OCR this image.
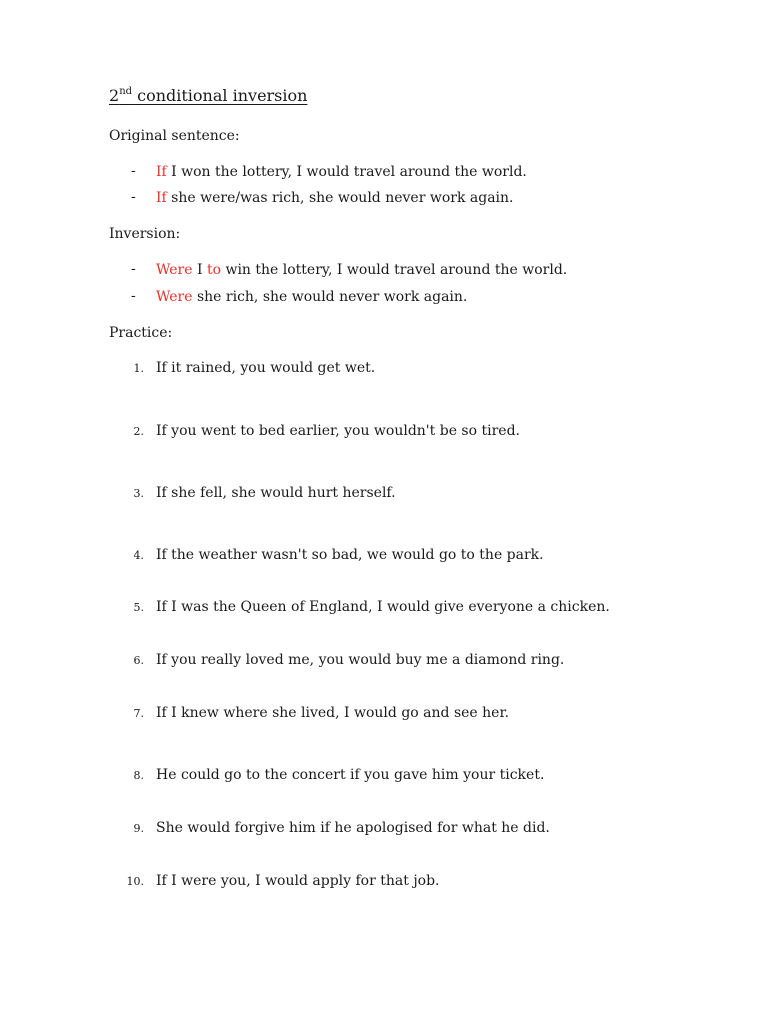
2nd conditional inversion
Original sentence:
- If I won the lottery, I would travel around the world.
- If she were/was rich, she would never work again.
Inversion:
- Were I to win the lottery, I would travel around the world.
- Were she rich, she would never work again.
Practice:
1. If it rained, you would get wet.
2. If you went to bed earlier, you wouldn't be so tired.
3. If she fell, she would hurt herself.
4. If the weather wasn't so bad, we would go to the park.
5. If I was the Queen of England, I would give everyone a chicken.
6. If you really loved me, you would buy me a diamond ring.
7. If I knew where she lived, I would go and see her.
8. He could go to the concert if you gave him your ticket.
9. She would forgive him if he apologised for what he did.
10. If I were you, I would apply for that job.
